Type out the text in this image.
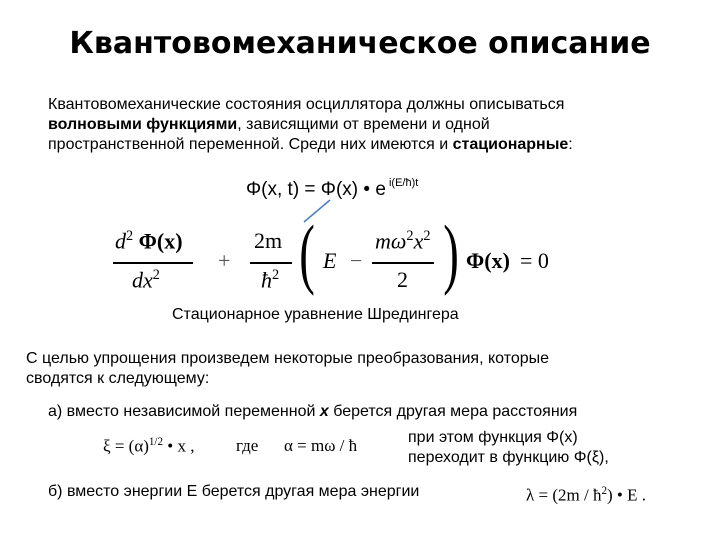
Квантовомеханическое описание
Квантовомеханические состояния осциллятора должны описываться
волновыми функциями, зависящими от времени и одной
пространственной переменной. Среди них имеются и стационарные:
Φ(x, t) = Φ(x) • e $^{i(E/ħ)t}$
$d^2$ Φ(x)
$dx^2$
+
2m
$ħ^2$ ( E −
$m\omega^2x^2$
2 ) Φ(x) = 0
Стационарное уравнение Шредингера
С целью упрощения произведем некоторые преобразования, которые
сводятся к следующему:
а) вместо независимой переменной x берется другая мера расстояния
$\xi = (\alpha)^{1/2}$ • x , где α = mω / ħ	при этом функция Φ(x)
переходит в функцию Φ(ξ),
б) вместо энергии E берется другая мера энергии	$\lambda = (2m / ħ^2)$ • E .
